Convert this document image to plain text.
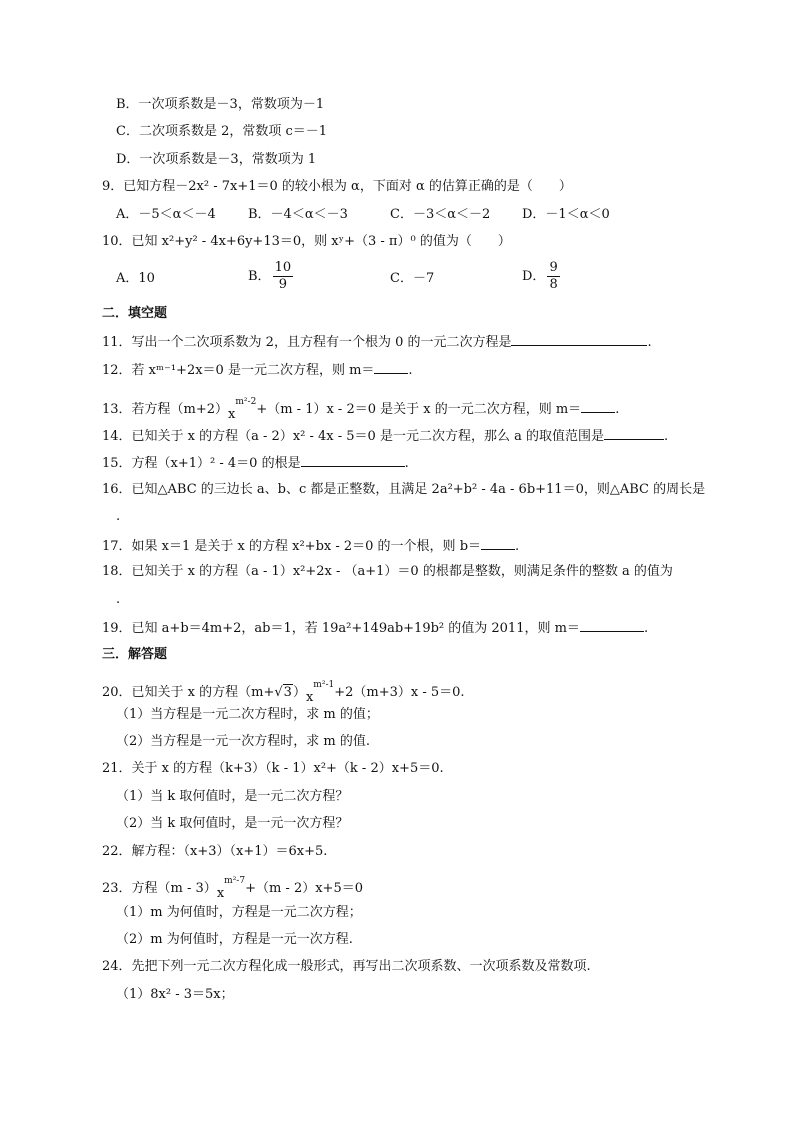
B．一次项系数是－3，常数项为－1
C．二次项系数是 2，常数项 c＝－1
D．一次项系数是－3，常数项为 1
9．已知方程－2x² - 7x+1＝0 的较小根为 α，下面对 α 的估算正确的是（　　）
A．－5＜α＜－4 B．－4＜α＜－3	C．－3＜α＜－2 D．－1＜α＜0
10．已知 x²+y² - 4x+6y+13＝0，则 xʸ+（3 - π）⁰ 的值为（　　）
A．10	B． $\frac{10}{9}$	C．－7	D． $\frac{9}{8}$
二．填空题
11．写出一个二次项系数为 2，且方程有一个根为 0 的一元二次方程是	.
12．若 xᵐ⁻¹+2x＝0 是一元二次方程，则 m＝	.
13．若方程$(m+2)x^{m^2-2}+(m - 1)x - 2=0$ 是关于 x 的一元二次方程，则 m＝	.
14．已知关于 x 的方程（a - 2）x² - 4x - 5＝0 是一元二次方程，那么 a 的取值范围是	.
15．方程（x+1）² - 4＝0 的根是	.
16．已知△ABC 的三边长 a、b、c 都是正整数，且满足 2a²+b² - 4a - 6b+11＝0，则△ABC 的周长是
.
17．如果 x＝1 是关于 x 的方程 x²+bx - 2＝0 的一个根，则 b＝	.
18．已知关于 x 的方程（a - 1）x²+2x - （a+1）＝0 的根都是整数，则满足条件的整数 a 的值为
.
19．已知 a+b＝4m+2，ab＝1，若 19a²+149ab+19b² 的值为 2011，则 m＝	.
三．解答题
20．已知关于 x 的方程$(m+√3)x^{m^2-1}+2(m+3)x - 5=0$.
（1）当方程是一元二次方程时，求 m 的值；
（2）当方程是一元一次方程时，求 m 的值.
21．关于 x 的方程（k+3）（k - 1）x²+（k - 2）x+5＝0.
（1）当 k 取何值时，是一元二次方程？
（2）当 k 取何值时，是一元一次方程？
22．解方程：（x+3）（x+1）＝6x+5.
23．方程$(m - 3)x^{m^2-7}+(m - 2)x+5=0$
（1）m 为何值时，方程是一元二次方程；
（2）m 为何值时，方程是一元一次方程.
24．先把下列一元二次方程化成一般形式，再写出二次项系数、一次项系数及常数项.
（1）8x² - 3＝5x；
